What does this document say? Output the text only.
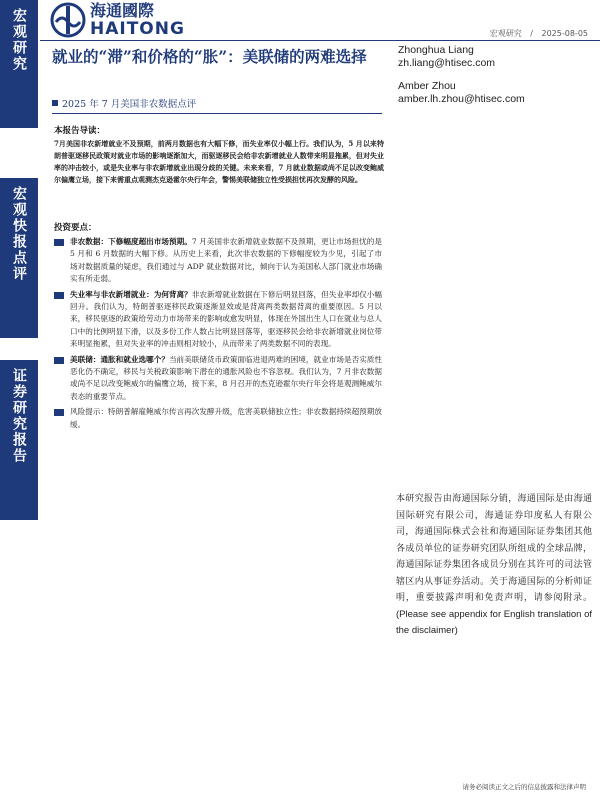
宏观研究
宏观快报点评
证券研究报告
海通國際
HAITONG	宏观研究 / 2025-08-05
就业的“滞”和价格的“胀”：美联储的两难选择
2025 年 7 月美国非农数据点评
Zhonghua Liang
zh.liang@htisec.com
Amber Zhou
amber.lh.zhou@htisec.com
本报告导读：
7月美国非农新增就业不及预期，前两月数据也有大幅下修，而失业率仅小幅上行。我们认为，5 月以来特朗普驱逐移民政策对就业市场的影响逐渐加大，而驱逐移民会给非农新增就业人数带来明显拖累，但对失业率的冲击较小，或是失业率与非农新增就业出现分歧的关键。未来来看，7 月就业数据或尚不足以改变鲍威尔偏鹰立场，接下来需重点观测杰克逊霍尔央行年会，警惕美联储独立性受损担忧再次发酵的风险。
投资要点：
非农数据：下修幅度超出市场预期。7 月美国非农新增就业数据不及预期，更让市场担忧的是 5 月和 6 月数据的大幅下修。从历史上来看，此次非农数据的下修幅度较为少见，引起了市场对数据质量的疑虑，我们通过与 ADP 就业数据对比，倾向于认为美国私人部门就业市场确实有所走弱。
失业率与非农新增就业：为何背离？非农新增就业数据在下修后明显回落，但失业率却仅小幅回升。我们认为，特朗普驱逐移民政策逐渐显效或是背离两类数据背离的重要原因。5 月以来，移民驱逐的政策给劳动力市场带来的影响或愈发明显，体现在外国出生人口在就业与总人口中的比例明显下滑，以及多份工作人数占比明显回落等，驱逐移民会给非农新增就业岗位带来明显拖累，但对失业率的冲击则相对较小，从而带来了两类数据不同的表现。
美联储：通胀和就业选哪个？当前美联储货币政策面临进退两难的困境，就业市场是否实质性恶化仍不确定，移民与关税政策影响下潜在的通胀风险也不容忽视。我们认为，7 月非农数据或尚不足以改变鲍威尔的偏鹰立场，接下来，8 月召开的杰克逊霍尔央行年会将是观测鲍威尔表态的重要节点。
风险提示：特朗普解雇鲍威尔传言再次发酵升级，危害美联储独立性；非农数据持续超预期放缓。
本研究报告由海通国际分销，海通国际是由海通国际研究有限公司，海通证券印度私人有限公司，海通国际株式会社和海通国际证券集团其他各成员单位的证券研究团队所组成的全球品牌，海通国际证券集团各成员分别在其许可的司法管辖区内从事证券活动。关于海通国际的分析师证明，重要披露声明和免责声明，请参阅附录。 (Please see appendix for English translation of the disclaimer)
请务必阅读正文之后的信息披露和法律声明
